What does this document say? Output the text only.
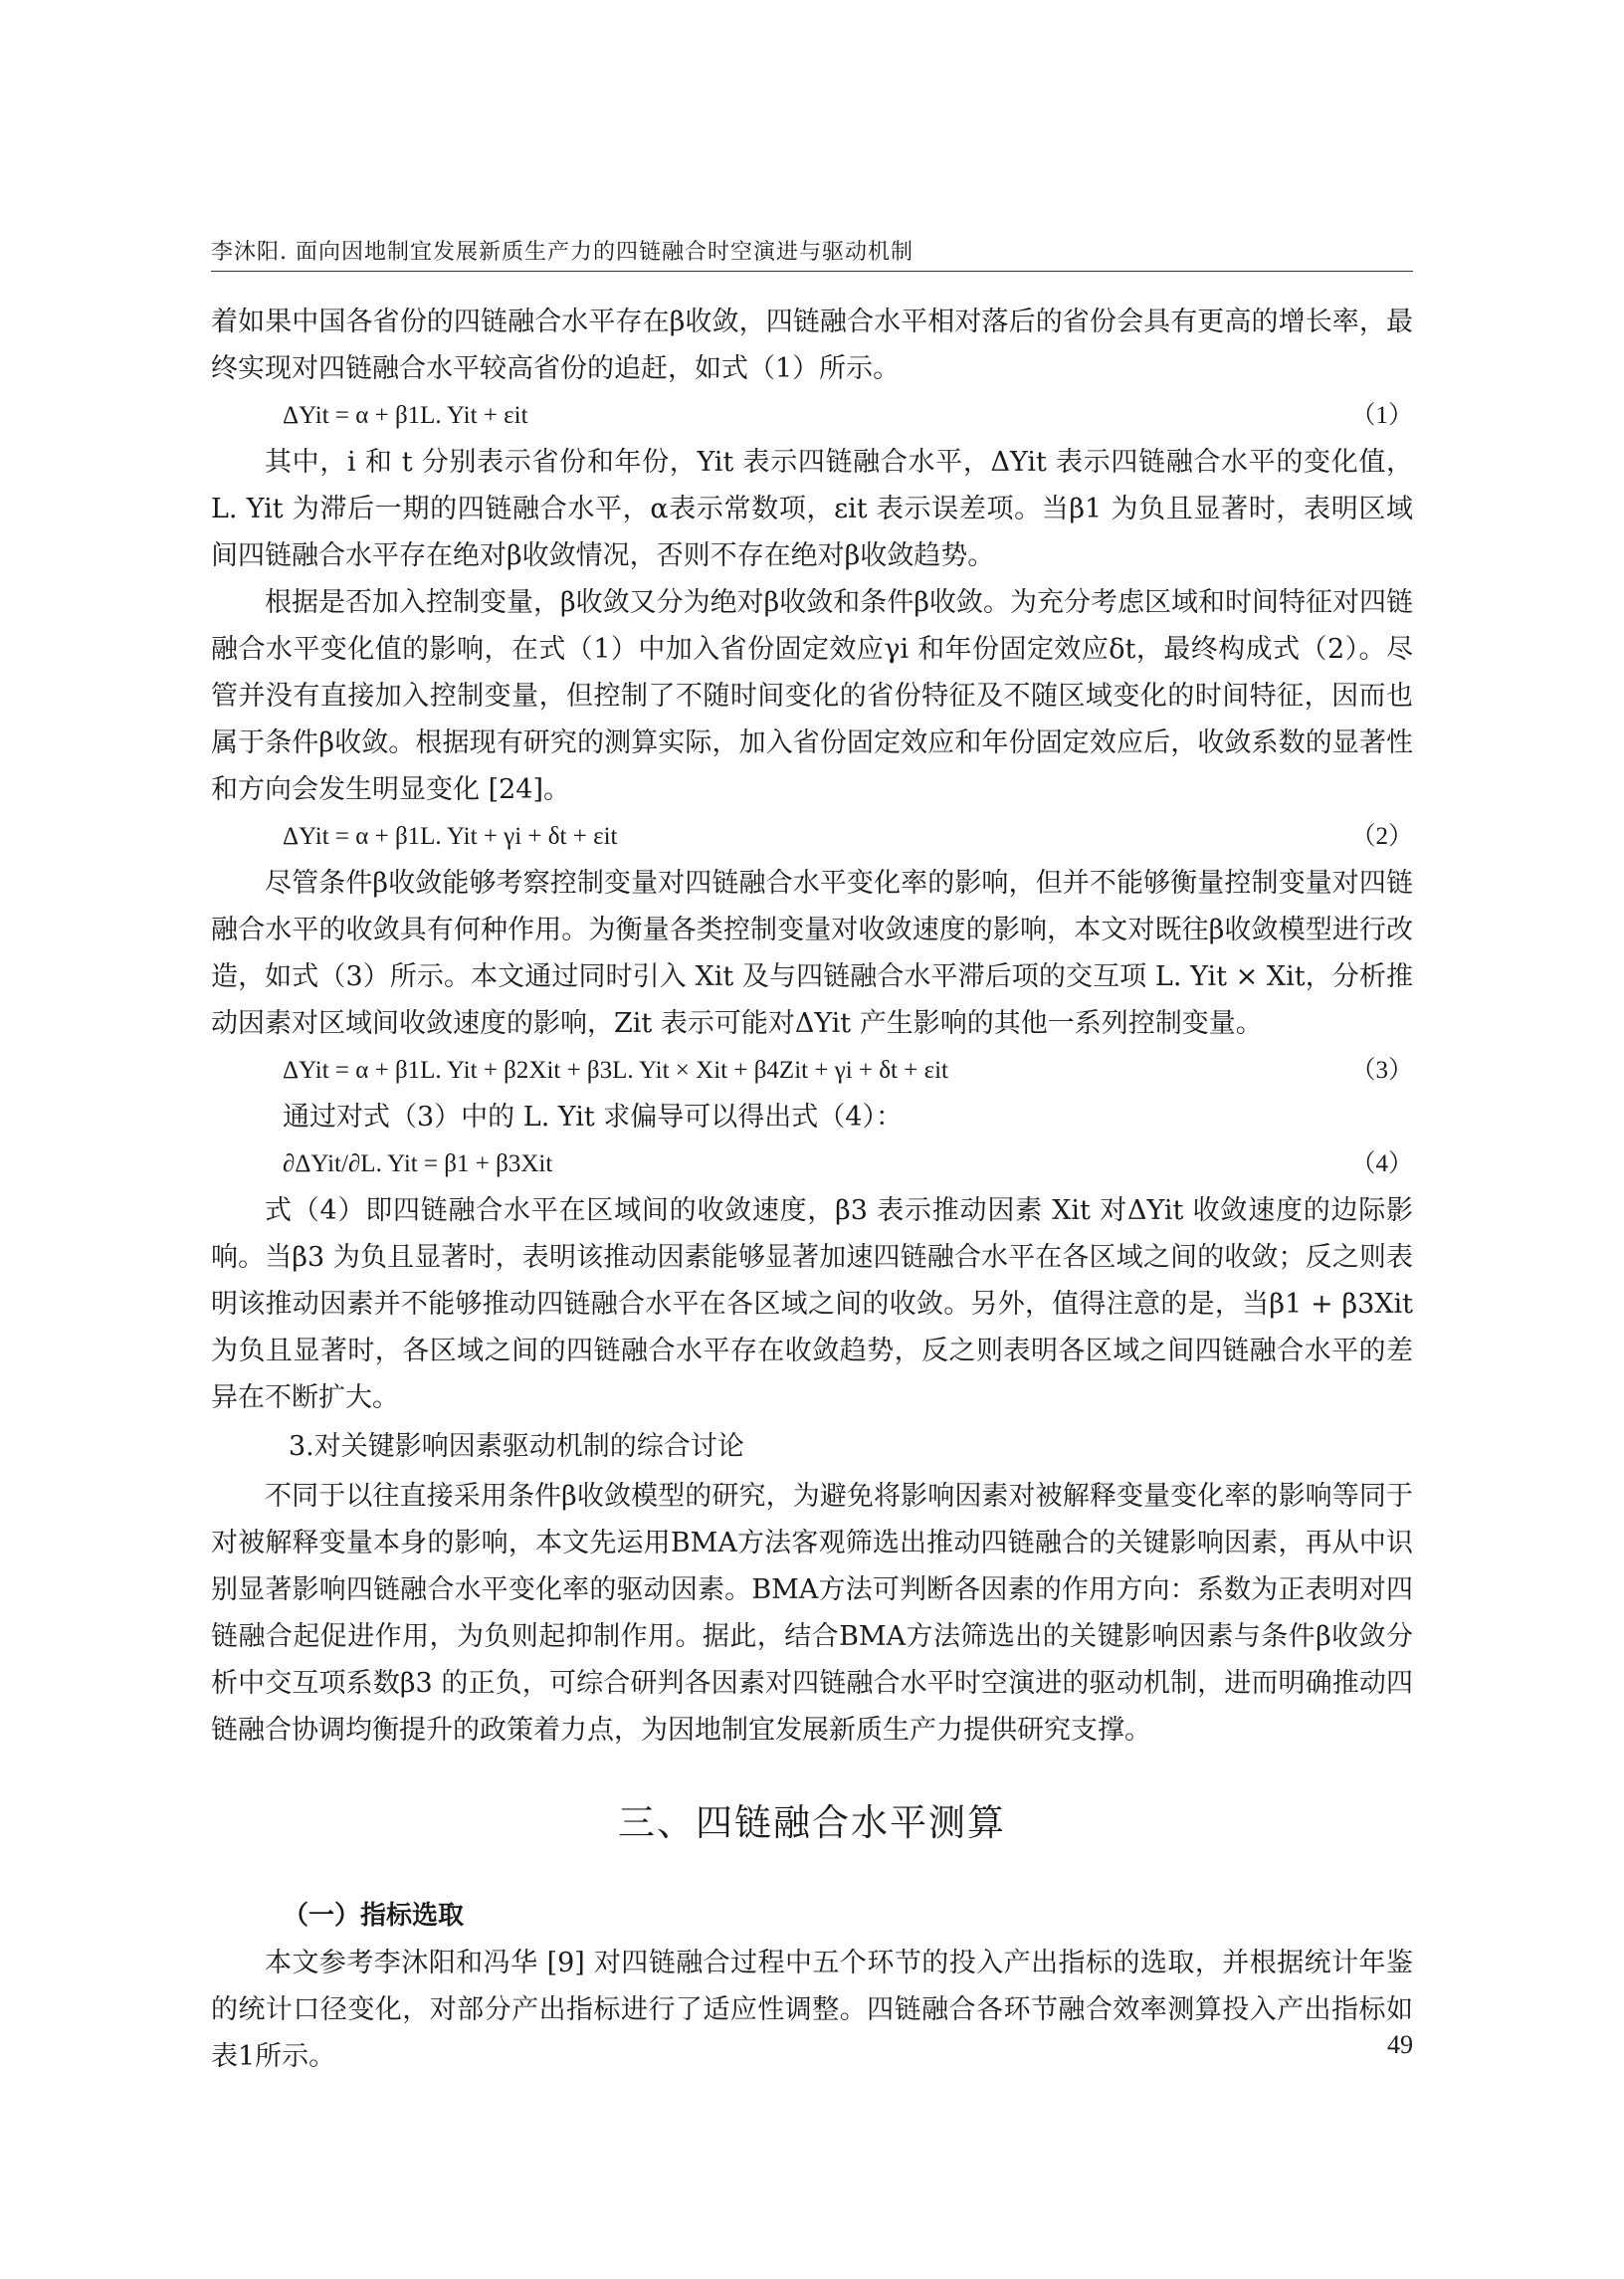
李沐阳. 面向因地制宜发展新质生产力的四链融合时空演进与驱动机制

着如果中国各省份的四链融合水平存在β收敛，四链融合水平相对落后的省份会具有更高的增长率，最终实现对四链融合水平较高省份的追赶，如式（1）所示。

ΔYit = α + β1L. Yit + εit	（1）

其中，i 和 t 分别表示省份和年份，Yit 表示四链融合水平，ΔYit 表示四链融合水平的变化值，L. Yit 为滞后一期的四链融合水平，α表示常数项，εit 表示误差项。当β1 为负且显著时，表明区域间四链融合水平存在绝对β收敛情况，否则不存在绝对β收敛趋势。

根据是否加入控制变量，β收敛又分为绝对β收敛和条件β收敛。为充分考虑区域和时间特征对四链融合水平变化值的影响，在式（1）中加入省份固定效应γi 和年份固定效应δt，最终构成式（2）。尽管并没有直接加入控制变量，但控制了不随时间变化的省份特征及不随区域变化的时间特征，因而也属于条件β收敛。根据现有研究的测算实际，加入省份固定效应和年份固定效应后，收敛系数的显著性和方向会发生明显变化 [24]。

ΔYit = α + β1L. Yit + γi + δt + εit	（2）

尽管条件β收敛能够考察控制变量对四链融合水平变化率的影响，但并不能够衡量控制变量对四链融合水平的收敛具有何种作用。为衡量各类控制变量对收敛速度的影响，本文对既往β收敛模型进行改造，如式（3）所示。本文通过同时引入 Xit 及与四链融合水平滞后项的交互项 L. Yit × Xit，分析推动因素对区域间收敛速度的影响，Zit 表示可能对ΔYit 产生影响的其他一系列控制变量。

ΔYit = α + β1L. Yit + β2Xit + β3L. Yit × Xit + β4Zit + γi + δt + εit	（3）

通过对式（3）中的 L. Yit 求偏导可以得出式（4）：

∂ΔYit/∂L. Yit = β1 + β3Xit	（4）

式（4）即四链融合水平在区域间的收敛速度，β3 表示推动因素 Xit 对ΔYit 收敛速度的边际影响。当β3 为负且显著时，表明该推动因素能够显著加速四链融合水平在各区域之间的收敛；反之则表明该推动因素并不能够推动四链融合水平在各区域之间的收敛。另外，值得注意的是，当β1 + β3Xit 为负且显著时，各区域之间的四链融合水平存在收敛趋势，反之则表明各区域之间四链融合水平的差异在不断扩大。

3.对关键影响因素驱动机制的综合讨论

不同于以往直接采用条件β收敛模型的研究，为避免将影响因素对被解释变量变化率的影响等同于对被解释变量本身的影响，本文先运用BMA方法客观筛选出推动四链融合的关键影响因素，再从中识别显著影响四链融合水平变化率的驱动因素。BMA方法可判断各因素的作用方向：系数为正表明对四链融合起促进作用，为负则起抑制作用。据此，结合BMA方法筛选出的关键影响因素与条件β收敛分析中交互项系数β3 的正负，可综合研判各因素对四链融合水平时空演进的驱动机制，进而明确推动四链融合协调均衡提升的政策着力点，为因地制宜发展新质生产力提供研究支撑。

三、四链融合水平测算

（一）指标选取

本文参考李沐阳和冯华 [9] 对四链融合过程中五个环节的投入产出指标的选取，并根据统计年鉴的统计口径变化，对部分产出指标进行了适应性调整。四链融合各环节融合效率测算投入产出指标如表1所示。	49
